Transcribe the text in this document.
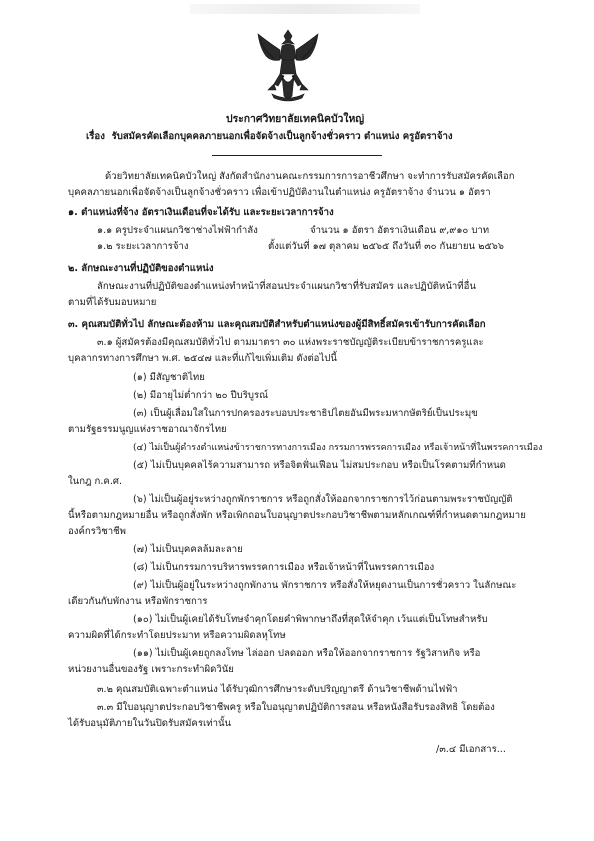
ประกาศวิทยาลัยเทคนิคบัวใหญ่
เรื่อง รับสมัครคัดเลือกบุคคลภายนอกเพื่อจัดจ้างเป็นลูกจ้างชั่วคราว ตำแหน่ง ครูอัตราจ้าง
ด้วยวิทยาลัยเทคนิคบัวใหญ่ สังกัดสำนักงานคณะกรรมการการอาชีวศึกษา จะทำการรับสมัครคัดเลือก
บุคคลภายนอกเพื่อจัดจ้างเป็นลูกจ้างชั่วคราว เพื่อเข้าปฏิบัติงานในตำแหน่ง ครูอัตราจ้าง จำนวน ๑ อัตรา
๑. ตำแหน่งที่จ้าง อัตราเงินเดือนที่จะได้รับ และระยะเวลาการจ้าง
๑.๑ ครูประจำแผนกวิชาช่างไฟฟ้ากำลัง	จำนวน ๑ อัตรา อัตราเงินเดือน ๙,๙๑๐ บาท
๑.๒ ระยะเวลาการจ้าง	ตั้งแต่วันที่ ๑๗ ตุลาคม ๒๕๖๕ ถึงวันที่ ๓๐ กันยายน ๒๕๖๖
๒. ลักษณะงานที่ปฏิบัติของตำแหน่ง
ลักษณะงานที่ปฏิบัติของตำแหน่งทำหน้าที่สอนประจำแผนกวิชาที่รับสมัคร และปฏิบัติหน้าที่อื่น
ตามที่ได้รับมอบหมาย
๓. คุณสมบัติทั่วไป ลักษณะต้องห้าม และคุณสมบัติสำหรับตำแหน่งของผู้มีสิทธิ์สมัครเข้ารับการคัดเลือก
๓.๑ ผู้สมัครต้องมีคุณสมบัติทั่วไป ตามมาตรา ๓๐ แห่งพระราชบัญญัติระเบียบข้าราชการครูและ
บุคลากรทางการศึกษา พ.ศ. ๒๕๔๗ และที่แก้ไขเพิ่มเติม ดังต่อไปนี้
(๑) มีสัญชาติไทย
(๒) มีอายุไม่ต่ำกว่า ๒๐ ปีบริบูรณ์
(๓) เป็นผู้เลื่อมใสในการปกครองระบอบประชาธิปไตยอันมีพระมหากษัตริย์เป็นประมุข
ตามรัฐธรรมนูญแห่งราชอาณาจักรไทย
(๔) ไม่เป็นผู้ดำรงตำแหน่งข้าราชการทางการเมือง กรรมการพรรคการเมือง หรือเจ้าหน้าที่ในพรรคการเมือง
(๕) ไม่เป็นบุคคลไร้ความสามารถ หรือจิตฟั่นเฟือน ไม่สมประกอบ หรือเป็นโรคตามที่กำหนด
ในกฎ ก.ค.ศ.
(๖) ไม่เป็นผู้อยู่ระหว่างถูกพักราชการ หรือถูกสั่งให้ออกจากราชการไว้ก่อนตามพระราชบัญญัติ
นี้หรือตามกฎหมายอื่น หรือถูกสั่งพัก หรือเพิกถอนใบอนุญาตประกอบวิชาชีพตามหลักเกณฑ์ที่กำหนดตามกฎหมาย
องค์กรวิชาชีพ
(๗) ไม่เป็นบุคคลล้มละลาย
(๘) ไม่เป็นกรรมการบริหารพรรคการเมือง หรือเจ้าหน้าที่ในพรรคการเมือง
(๙) ไม่เป็นผู้อยู่ในระหว่างถูกพักงาน พักราชการ หรือสั่งให้หยุดงานเป็นการชั่วคราว ในลักษณะ
เดียวกันกับพักงาน หรือพักราชการ
(๑๐) ไม่เป็นผู้เคยได้รับโทษจำคุกโดยคำพิพากษาถึงที่สุดให้จำคุก เว้นแต่เป็นโทษสำหรับ
ความผิดที่ได้กระทำโดยประมาท หรือความผิดลหุโทษ
(๑๑) ไม่เป็นผู้เคยถูกลงโทษ ไล่ออก ปลดออก หรือให้ออกจากราชการ รัฐวิสาหกิจ หรือ
หน่วยงานอื่นของรัฐ เพราะกระทำผิดวินัย
๓.๒ คุณสมบัติเฉพาะตำแหน่ง ได้รับวุฒิการศึกษาระดับปริญญาตรี ด้านวิชาชีพด้านไฟฟ้า
๓.๓ มีใบอนุญาตประกอบวิชาชีพครู หรือใบอนุญาตปฏิบัติการสอน หรือหนังสือรับรองสิทธิ โดยต้อง
ได้รับอนุมัติภายในวันปิดรับสมัครเท่านั้น
/๓.๔ มีเอกสาร...
